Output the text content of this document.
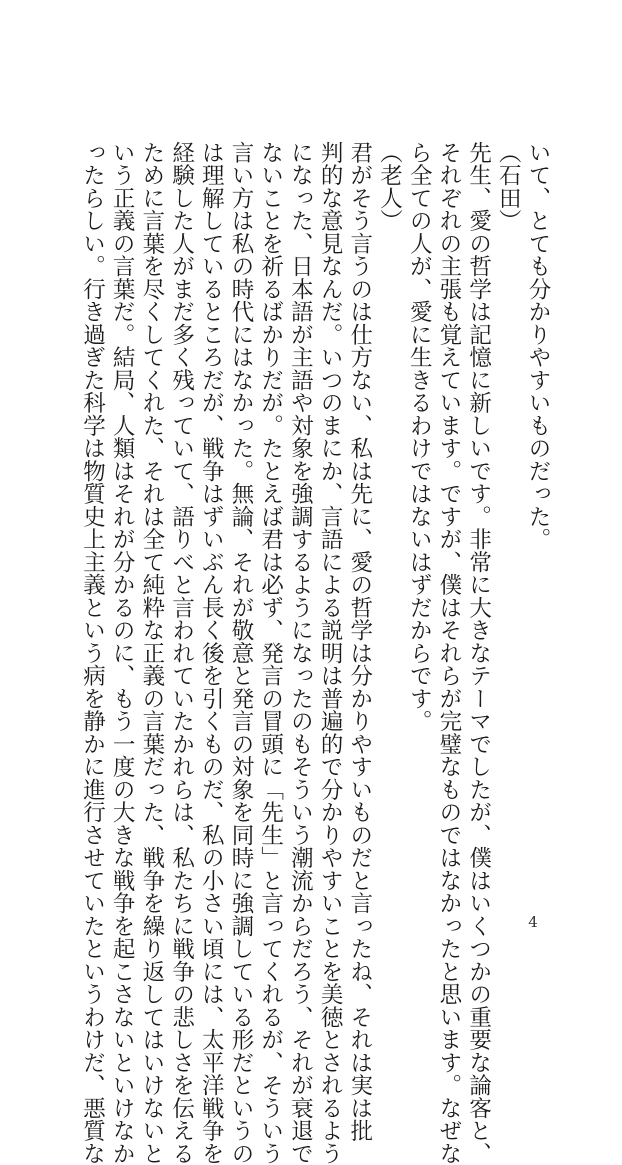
いて、とても分かりやすいものだった。

（石田）

先生、愛の哲学は記憶に新しいです。非常に大きなテーマでしたが、僕はいくつかの重要な論客と、

それぞれの主張も覚えています。ですが、僕はそれらが完璧なものではなかったと思います。なぜな

ら全ての人が、愛に生きるわけではないはずだからです。

（老人）

君がそう言うのは仕方ない、私は先に、愛の哲学は分かりやすいものだと言ったね、それは実は批

判的な意見なんだ。いつのまにか、言語による説明は普遍的で分かりやすいことを美徳とされるよう

になった、日本語が主語や対象を強調するようになったのもそういう潮流からだろう、それが衰退で

ないことを祈るばかりだが。たとえば君は必ず、発言の冒頭に「先生」と言ってくれるが、そういう

言い方は私の時代にはなかった。無論、それが敬意と発言の対象を同時に強調している形だというの

は理解しているところだが、戦争はずいぶん長く後を引くものだ、私の小さい頃には、太平洋戦争を

経験した人がまだ多く残っていて、語りべと言われていたかれらは、私たちに戦争の悲しさを伝える

ために言葉を尽くしてくれた、それは全て純粋な正義の言葉だった、戦争を繰り返してはいけないと

いう正義の言葉だ。結局、人類はそれが分かるのに、もう一度の大きな戦争を起こさないといけなか

ったらしい。行き過ぎた科学は物質史上主義という病を静かに進行させていたというわけだ、悪質な	4
